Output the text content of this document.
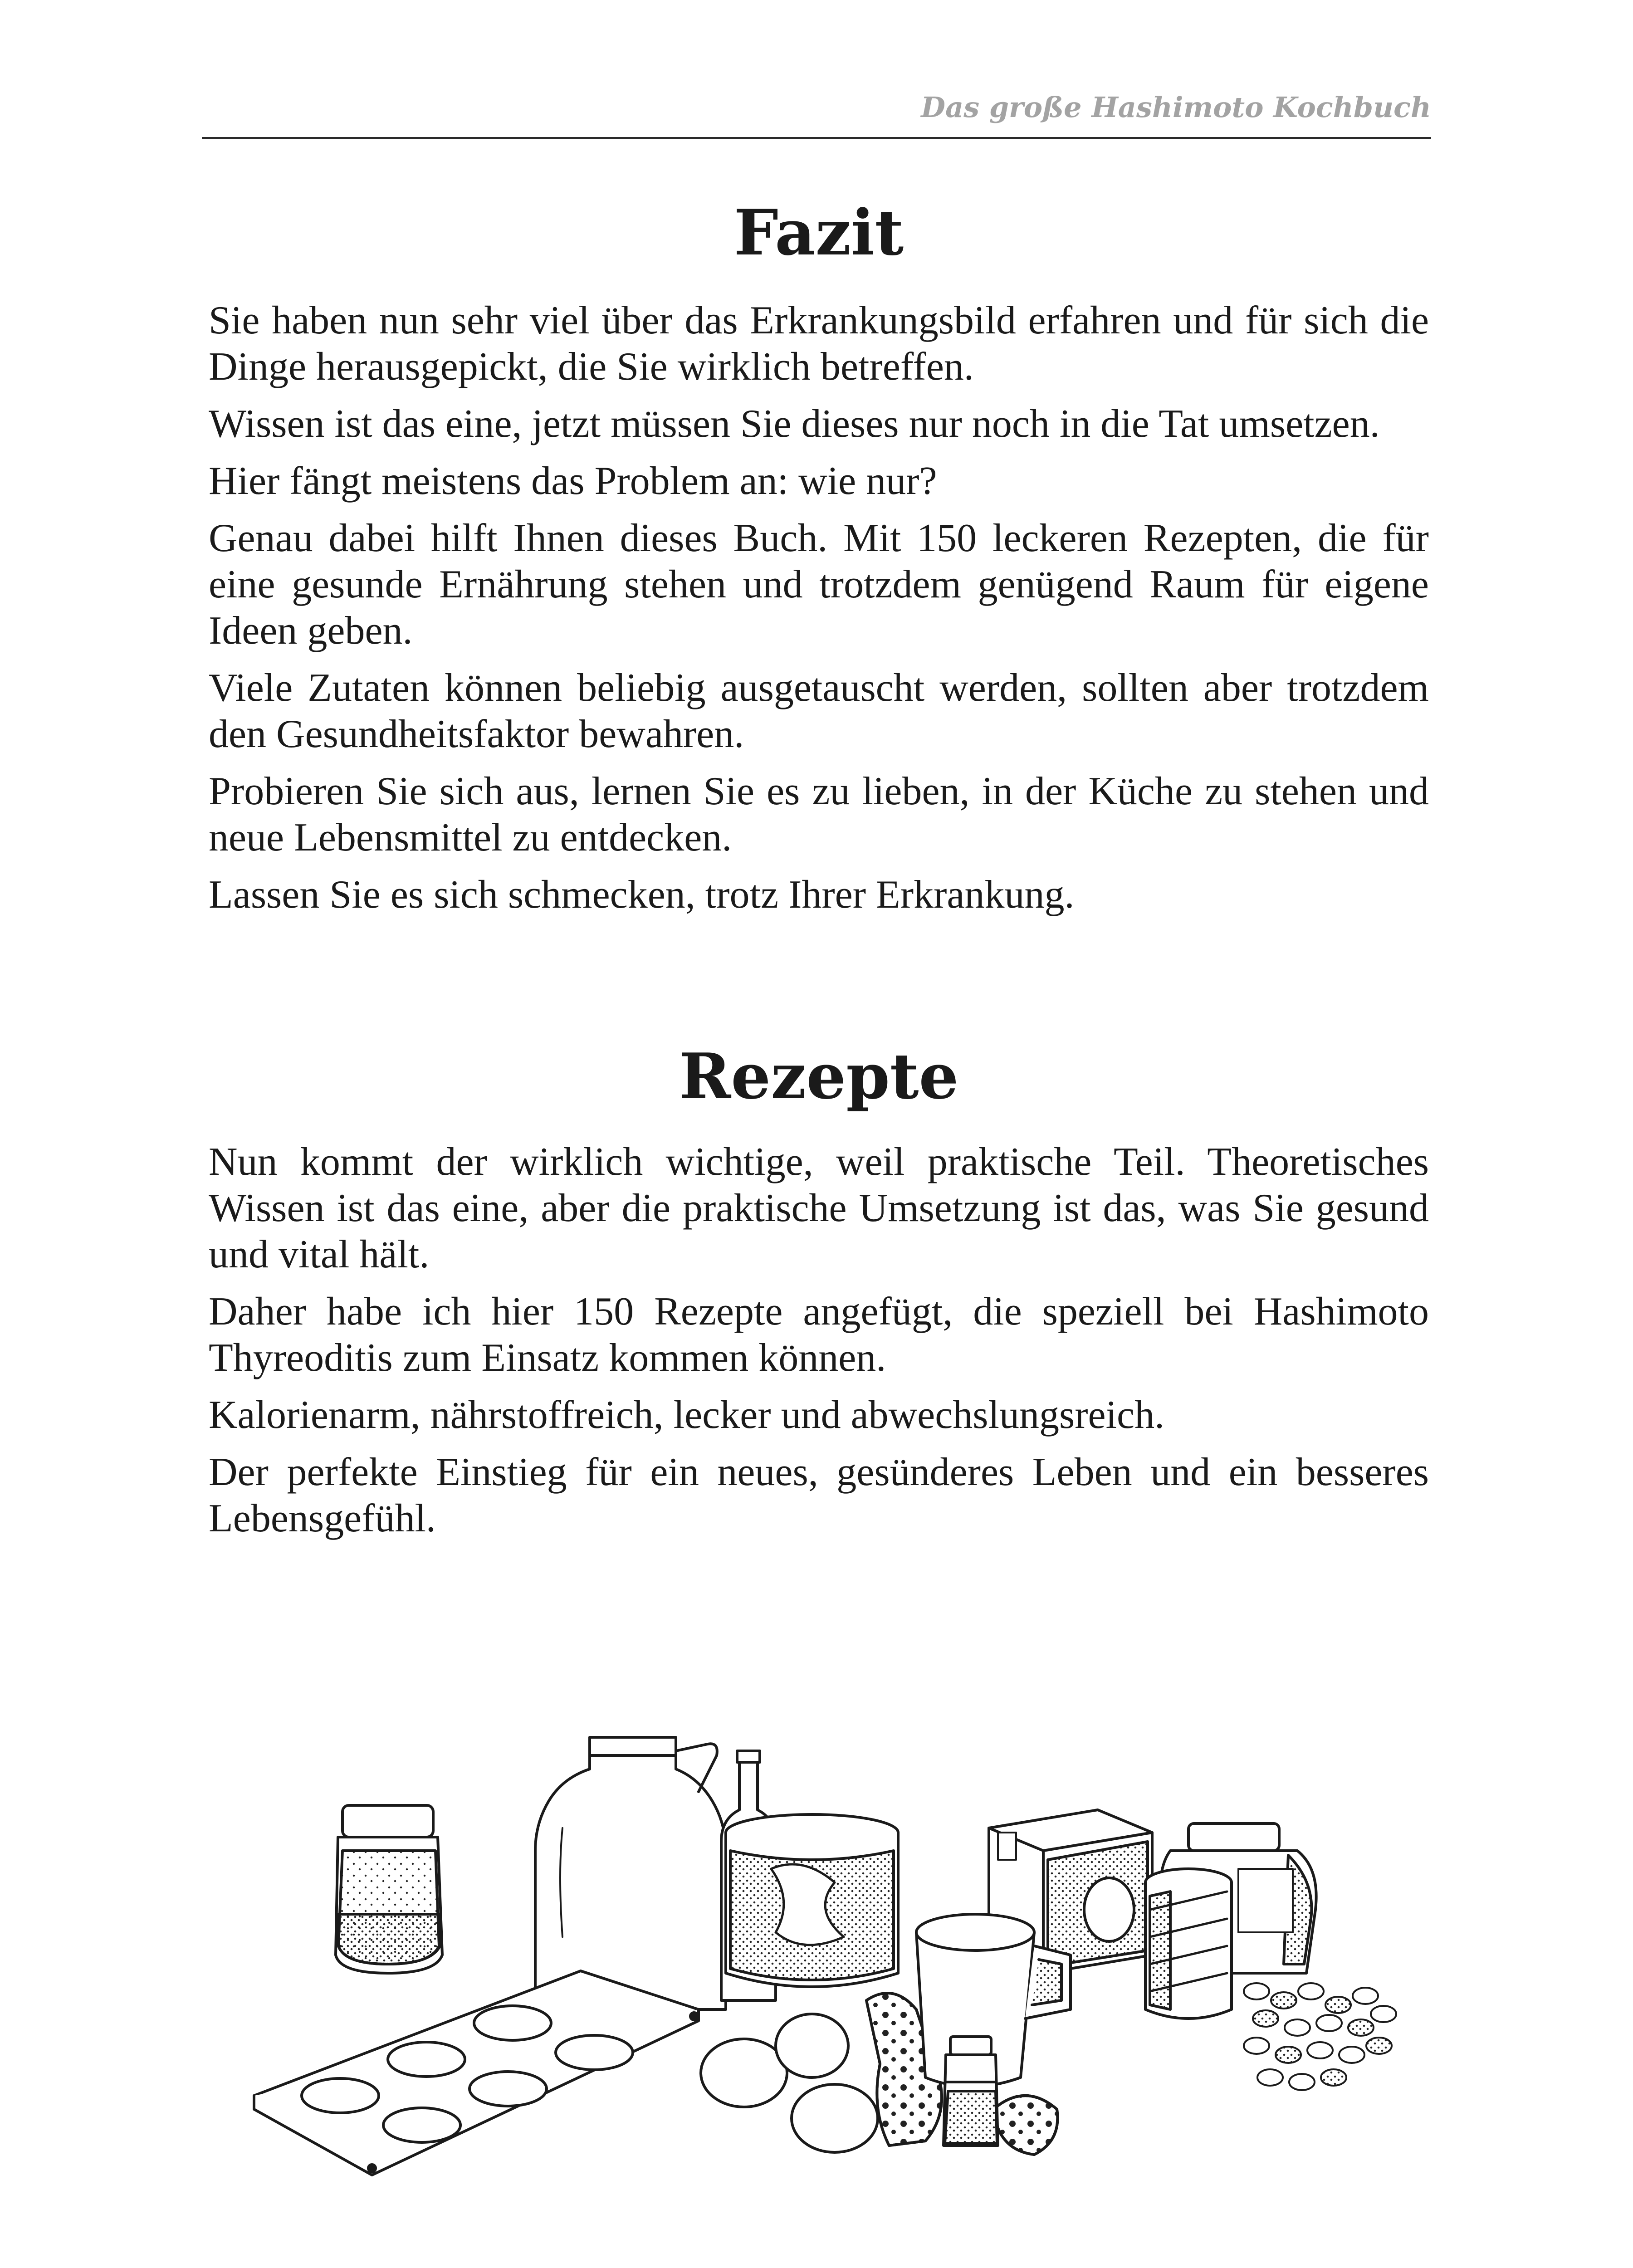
Das große Hashimoto Kochbuch
Fazit

Sie haben nun sehr viel über das Erkrankungsbild erfahren und für sich die Dinge herausgepickt, die Sie wirklich betreffen.

Wissen ist das eine, jetzt müssen Sie dieses nur noch in die Tat umsetzen.

Hier fängt meistens das Problem an: wie nur?

Genau dabei hilft Ihnen dieses Buch. Mit 150 leckeren Rezepten, die für eine gesunde Ernährung stehen und trotzdem genügend Raum für eigene Ideen geben.

Viele Zutaten können beliebig ausgetauscht werden, sollten aber trotzdem den Gesundheitsfaktor bewahren.

Probieren Sie sich aus, lernen Sie es zu lieben, in der Küche zu stehen und neue Lebensmittel zu entdecken.

Lassen Sie es sich schmecken, trotz Ihrer Erkrankung.

Rezepte

Nun kommt der wirklich wichtige, weil praktische Teil. Theoretisches Wissen ist das eine, aber die praktische Umsetzung ist das, was Sie gesund und vital hält.

Daher habe ich hier 150 Rezepte angefügt, die speziell bei Hashimoto Thyreoditis zum Einsatz kommen können.

Kalorienarm, nährstoffreich, lecker und abwechslungsreich.

Der perfekte Einstieg für ein neues, gesünderes Leben und ein besseres Lebensgefühl.
